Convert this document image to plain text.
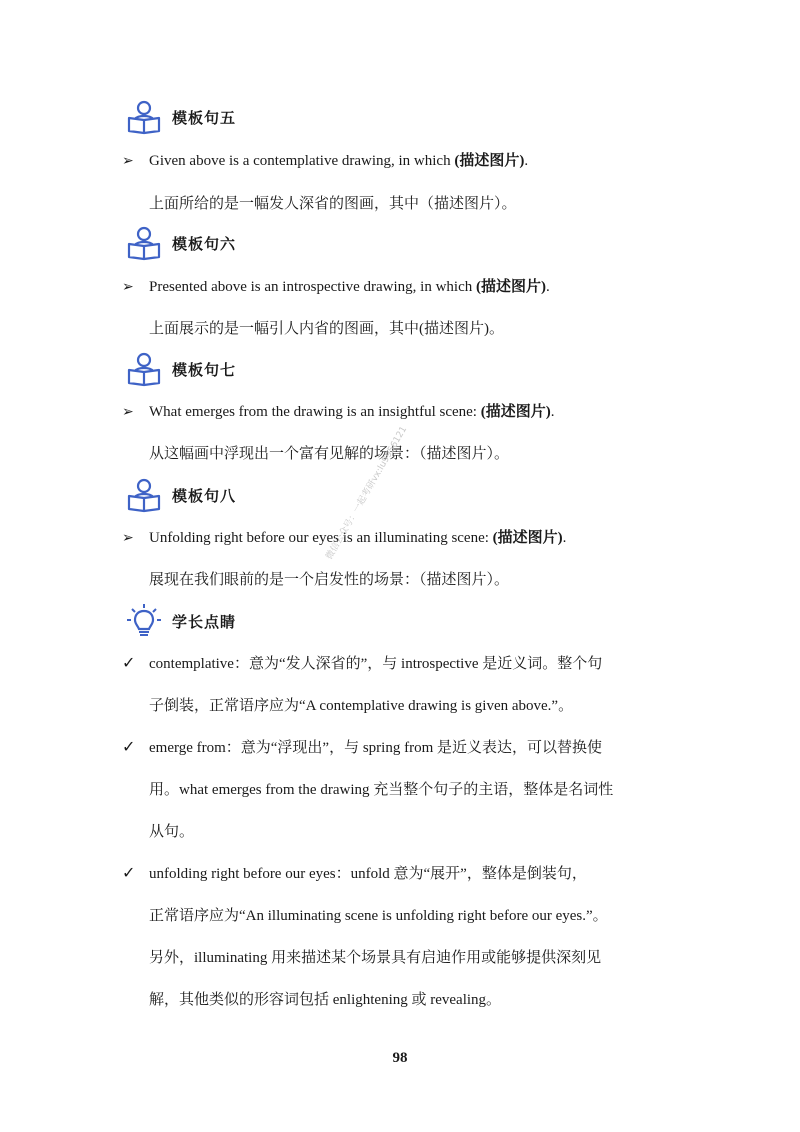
模板句五
➢ Given above is a contemplative drawing, in which (描述图片).
上面所给的是一幅发人深省的图画，其中（描述图片）。
模板句六
➢ Presented above is an introspective drawing, in which (描述图片).
上面展示的是一幅引人内省的图画，其中(描述图片)。
模板句七
➢ What emerges from the drawing is an insightful scene: (描述图片).
从这幅画中浮现出一个富有见解的场景：（描述图片）。
模板句八
➢ Unfolding right before our eyes is an illuminating scene: (描述图片).
展现在我们眼前的是一个启发性的场景：（描述图片）。
学长点睛
✓ contemplative：意为“发人深省的”，与 introspective 是近义词。整个句
子倒装，正常语序应为“A contemplative drawing is given above.”。
✓ emerge from：意为“浮现出”，与 spring from 是近义表达，可以替换使
用。what emerges from the drawing 充当整个句子的主语，整体是名词性
从句。
✓ unfolding right before our eyes：unfold 意为“展开”，整体是倒装句，
正常语序应为“An illuminating scene is unfolding right before our eyes.”。
另外，illuminating 用来描述某个场景具有启迪作用或能够提供深刻见
解，其他类似的形容词包括 enlightening 或 revealing。
微信公众号：一起考研vx:lu9956121
98
